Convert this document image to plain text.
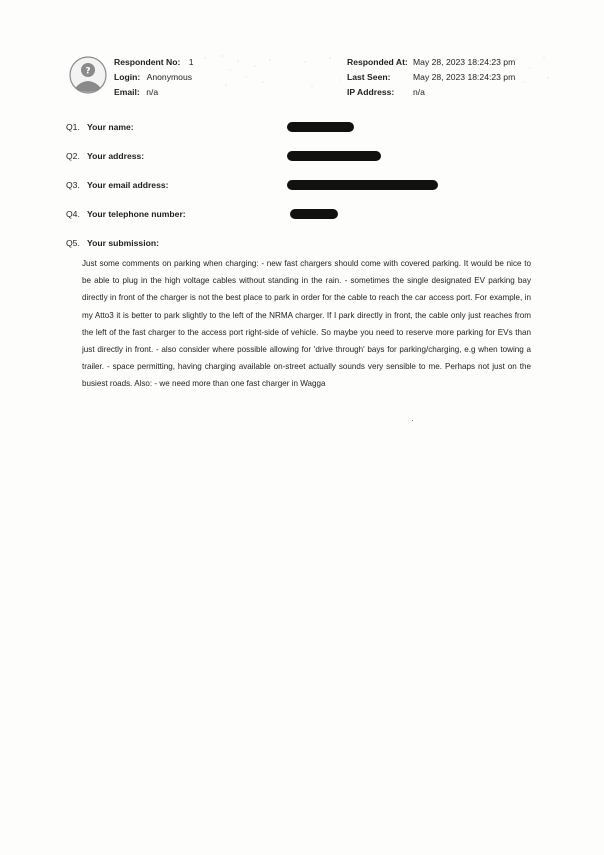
?
Respondent No: 1
Login: Anonymous
Email: n/a
Responded At: May 28, 2023 18:24:23 pm
Last Seen:	May 28, 2023 18:24:23 pm
IP Address: n/a
Q1. Your name:
Q2. Your address:
Q3. Your email address:
Q4. Your telephone number:
Q5. Your submission:
Just some comments on parking when charging: - new fast chargers should come with covered parking. It would be nice to be able to plug in the high voltage cables without standing in the rain. - sometimes the single designated EV parking bay directly in front of the charger is not the best place to park in order for the cable to reach the car access port. For example, in my Atto3 it is better to park slightly to the left of the NRMA charger. If I park directly in front, the cable only just reaches from the left of the fast charger to the access port right-side of vehicle. So maybe you need to reserve more parking for EVs than just directly in front. - also consider where possible allowing for 'drive through' bays for parking/charging, e.g when towing a trailer. - space permitting, having charging available on-street actually sounds very sensible to me. Perhaps not just on the busiest roads. Also: - we need more than one fast charger in Wagga
